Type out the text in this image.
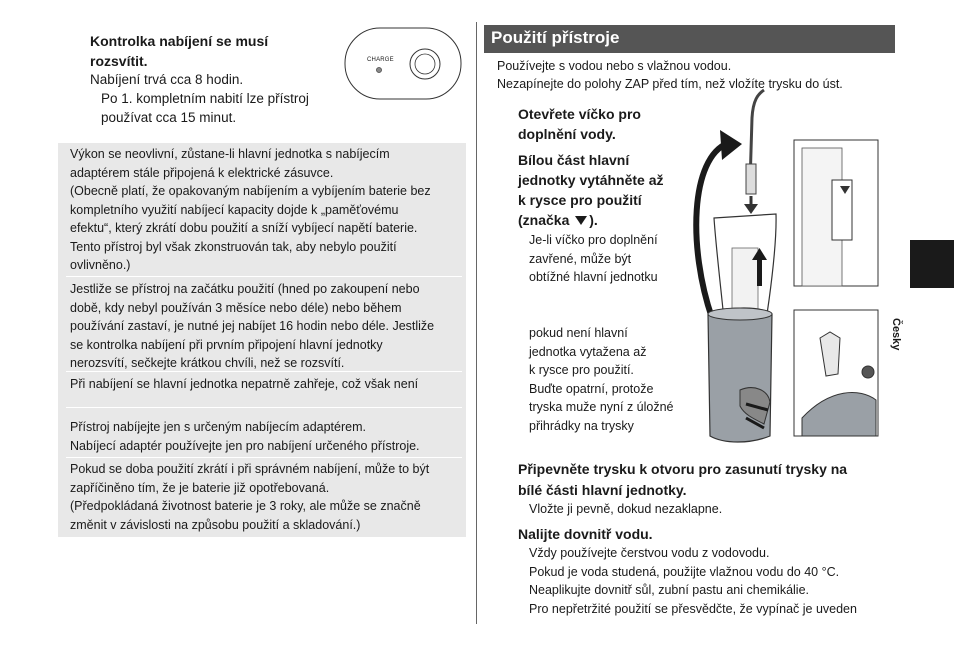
Kontrolka nabíjení se musí
rozsvítit.
Nabíjení trvá cca 8 hodin.
Po 1. kompletním nabití lze přístroj
používat cca 15 minut.
CHARGE
Výkon se neovlivní, zůstane-li hlavní jednotka s nabíjecím
adaptérem stále připojená k elektrické zásuvce.
(Obecně platí, že opakovaným nabíjením a vybíjením baterie bez
kompletního využití nabíjecí kapacity dojde k „paměťovému
efektu“, který zkrátí dobu použití a sníží vybíjecí napětí baterie.
Tento přístroj byl však zkonstruován tak, aby nebylo použití
ovlivněno.)
Jestliže se přístroj na začátku použití (hned po zakoupení nebo
době, kdy nebyl používán 3 měsíce nebo déle) nebo během
používání zastaví, je nutné jej nabíjet 16 hodin nebo déle. Jestliže
se kontrolka nabíjení při prvním připojení hlavní jednotky
nerozsvítí, sečkejte krátkou chvíli, než se rozsvítí.
Při nabíjení se hlavní jednotka nepatrně zahřeje, což však není
Přístroj nabíjejte jen s určeným nabíjecím adaptérem.
Nabíjecí adaptér používejte jen pro nabíjení určeného přístroje.
Pokud se doba použití zkrátí i při správném nabíjení, může to být
zapříčiněno tím, že je baterie již opotřebovaná.
(Předpokládaná životnost baterie je 3 roky, ale může se značně
změnit v závislosti na způsobu použití a skladování.)
Použití přístroje
Používejte s vodou nebo s vlažnou vodou.
Nezapínejte do polohy ZAP před tím, než vložíte trysku do úst.
Otevřete víčko pro
doplnění vody.
Bílou část hlavní
jednotky vytáhněte až
k rysce pro použití
(značka ).
Je-li víčko pro doplnění
zavřené, může být
obtížné hlavní jednotku
pokud není hlavní
jednotka vytažena až
k rysce pro použití.
Buďte opatrní, protože
tryska muže nyní z úložné
přihrádky na trysky
Připevněte trysku k otvoru pro zasunutí trysky na
bílé části hlavní jednotky.
Vložte ji pevně, dokud nezaklapne.
Nalijte dovnitř vodu.
Vždy používejte čerstvou vodu z vodovodu.
Pokud je voda studená, použijte vlažnou vodu do 40 °C.
Neaplikujte dovnitř sůl, zubní pastu ani chemikálie.
Pro nepřetržité použití se přesvědčte, že vypínač je uveden
Česky
